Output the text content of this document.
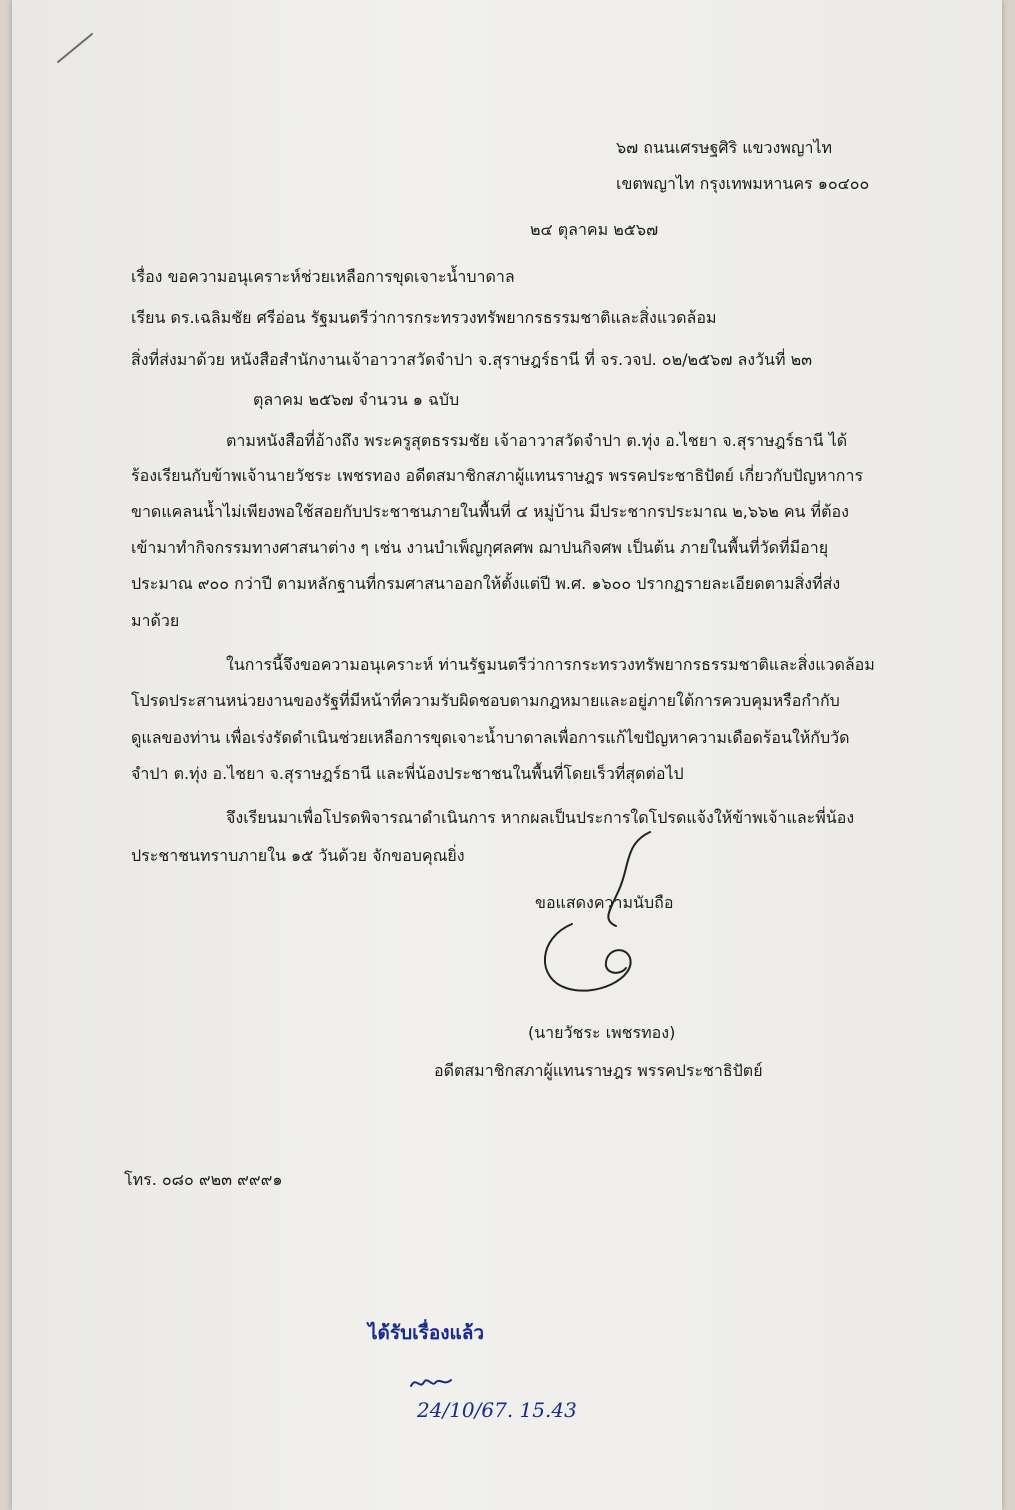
๖๗ ถนนเศรษฐศิริ แขวงพญาไท
เขตพญาไท กรุงเทพมหานคร ๑๐๔๐๐
๒๔ ตุลาคม ๒๕๖๗
เรื่อง ขอความอนุเคราะห์ช่วยเหลือการขุดเจาะน้ำบาดาล
เรียน ดร.เฉลิมชัย ศรีอ่อน รัฐมนตรีว่าการกระทรวงทรัพยากรธรรมชาติและสิ่งแวดล้อม
สิ่งที่ส่งมาด้วย หนังสือสำนักงานเจ้าอาวาสวัดจำปา จ.สุราษฎร์ธานี ที่ จร.วจป. ๐๒/๒๕๖๗ ลงวันที่ ๒๓
ตุลาคม ๒๕๖๗ จำนวน ๑ ฉบับ
ตามหนังสือที่อ้างถึง พระครูสุตธรรมชัย เจ้าอาวาสวัดจำปา ต.ทุ่ง อ.ไชยา จ.สุราษฎร์ธานี ได้
ร้องเรียนกับข้าพเจ้านายวัชระ เพชรทอง อดีตสมาชิกสภาผู้แทนราษฎร พรรคประชาธิปัตย์ เกี่ยวกับปัญหาการ
ขาดแคลนน้ำไม่เพียงพอใช้สอยกับประชาชนภายในพื้นที่ ๔ หมู่บ้าน มีประชากรประมาณ ๒,๖๖๒ คน ที่ต้อง
เข้ามาทำกิจกรรมทางศาสนาต่าง ๆ เช่น งานบำเพ็ญกุศลศพ ฌาปนกิจศพ เป็นต้น ภายในพื้นที่วัดที่มีอายุ
ประมาณ ๙๐๐ กว่าปี ตามหลักฐานที่กรมศาสนาออกให้ตั้งแต่ปี พ.ศ. ๑๖๐๐ ปรากฏรายละเอียดตามสิ่งที่ส่ง
มาด้วย
ในการนี้จึงขอความอนุเคราะห์ ท่านรัฐมนตรีว่าการกระทรวงทรัพยากรธรรมชาติและสิ่งแวดล้อม
โปรดประสานหน่วยงานของรัฐที่มีหน้าที่ความรับผิดชอบตามกฎหมายและอยู่ภายใต้การควบคุมหรือกำกับ
ดูแลของท่าน เพื่อเร่งรัดดำเนินช่วยเหลือการขุดเจาะน้ำบาดาลเพื่อการแก้ไขปัญหาความเดือดร้อนให้กับวัด
จำปา ต.ทุ่ง อ.ไชยา จ.สุราษฎร์ธานี และพี่น้องประชาชนในพื้นที่โดยเร็วที่สุดต่อไป
จึงเรียนมาเพื่อโปรดพิจารณาดำเนินการ หากผลเป็นประการใดโปรดแจ้งให้ข้าพเจ้าและพี่น้อง
ประชาชนทราบภายใน ๑๕ วันด้วย จักขอบคุณยิ่ง
ขอแสดงความนับถือ
(นายวัชระ เพชรทอง)
อดีตสมาชิกสภาผู้แทนราษฎร พรรคประชาธิปัตย์
โทร. ๐๘๐ ๙๒๓ ๙๙๙๑
ได้รับเรื่องแล้ว
24/10/67. 15.43
